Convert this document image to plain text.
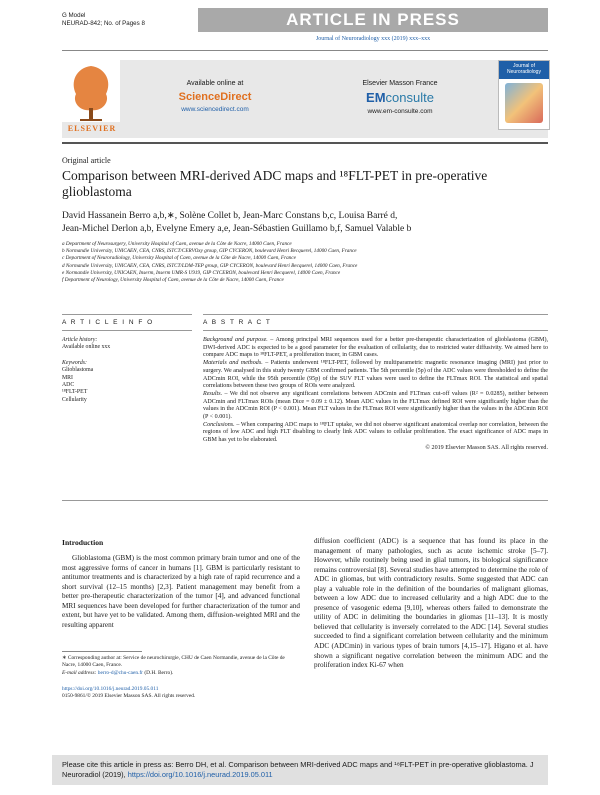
G Model
NEURAD-842; No. of Pages 8	ARTICLE IN PRESS
Journal of Neuroradiology xxx (2019) xxx–xxx
ELSEVIER
Available online at
ScienceDirect
www.sciencedirect.com
Elsevier Masson France
EMconsulte
www.em-consulte.com
Journal of Neuroradiology
Original article
Comparison between MRI-derived ADC maps and ¹⁸FLT-PET in pre-operative glioblastoma
David Hassanein Berro a,b,∗, Solène Collet b, Jean-Marc Constans b,c, Louisa Barré d,
Jean-Michel Derlon a,b, Evelyne Emery a,e, Jean-Sébastien Guillamo b,f, Samuel Valable b
a Department of Neurosurgery, University Hospital of Caen, avenue de la Côte de Nacre, 14000 Caen, France
b Normandie University, UNICAEN, CEA, CNRS, ISTCT/CERVOxy group, GIP CYCERON, boulevard Henri Becquerel, 14000 Caen, France
c Department of Neuroradiology, University Hospital of Caen, avenue de la Côte de Nacre, 14000 Caen, France
d Normandie University, UNICAEN, CEA, CNRS, ISTCT/LDM-TEP group, GIP CYCERON, boulevard Henri Becquerel, 14000 Caen, France
e Normandie University, UNICAEN, Inserm, Inserm UMR-S U919, GIP CYCERON, boulevard Henri Becquerel, 14000 Caen, France
f Department of Neurology, University Hospital of Caen, avenue de la Côte de Nacre, 14000 Caen, France
A R T I C L E I N F O
Article history:
Available online xxx
Keywords:
Glioblastoma
MRI
ADC
¹⁸FLT-PET
Cellularity
A B S T R A C T

Background and purpose. – Among principal MRI sequences used for a better pre-therapeutic characterization of glioblastoma (GBM), DWI-derived ADC is expected to be a good parameter for the evaluation of cellularity, due to restricted water diffusivity. We aimed here to compare ADC maps to ¹⁸FLT-PET, a proliferation tracer, in GBM cases.

Materials and methods. – Patients underwent ¹⁸FLT-PET, followed by multiparametric magnetic resonance imaging (MRI) just prior to surgery. We analysed in this study twenty GBM confirmed patients. The 5th percentile (5p) of the ADC values were thresholded to define the ADCmin ROI, while the 95th percentile (95p) of the SUV FLT values were used to define the FLTmax ROI. The statistical and spatial correlations between these two groups of ROIs were analyzed.

Results. – We did not observe any significant correlations between ADCmin and FLTmax cut-off values (R² = 0.0285), neither between ADCmin and FLTmax ROIs (mean Dice = 0.09 ± 0.12). Mean ADC values in the FLTmax defined ROI were significantly higher than the values in the ADCmin ROI (P < 0.001). Mean FLT values in the FLTmax ROI were significantly higher than the values in the ADCmin ROI (P < 0.001).

Conclusions. – When comparing ADC maps to ¹⁸FLT uptake, we did not observe significant anatomical overlap nor correlation, between the regions of low ADC and high FLT disabling to clearly link ADC values to cellular proliferation. The exact significance of ADC maps in GBM has yet to be elaborated.

© 2019 Elsevier Masson SAS. All rights reserved.

Introduction

Glioblastoma (GBM) is the most common primary brain tumor and one of the most aggressive forms of cancer in humans [1]. GBM is particularly resistant to antitumor treatments and is characterized by a high rate of rapid recurrence and a short survival (12–15 months) [2,3]. Patient management may benefit from a better pre-therapeutic characterization of the tumor [4], and advanced functional MRI sequences have been developed for further characterization of the tumor and extent, but have yet to be validated. Among them, diffusion-weighted MRI and the resulting apparent

diffusion coefficient (ADC) is a sequence that has found its place in the management of many pathologies, such as acute ischemic stroke [5–7]. However, while routinely being used in glial tumors, its biological significance remains controversial [8]. Several studies have attempted to determine the role of ADC in gliomas, but with contradictory results. Some suggested that ADC can play a valuable role in the definition of the boundaries of malignant gliomas, between a low ADC due to increased cellularity and a high ADC due to the presence of vasogenic edema [9,10], whereas others failed to demonstrate the utility of ADC in delimiting the boundaries in gliomas [11–13]. It is mostly believed that cellularity is inversely correlated to the ADC [14]. Several studies succeeded to find a significant correlation between cellularity and the minimum ADC (ADCmin) in various types of brain tumors [4,15–17]. Higano et al. have shown a significant negative correlation between the minimum ADC and the proliferation index Ki-67 when

∗ Corresponding author at: Service de neurochirurgie, CHU de Caen Normandie, avenue de la Côte de Nacre, 14000 Caen, France.
E-mail address: berro-d@chu-caen.fr (D.H. Berro).
https://doi.org/10.1016/j.neurad.2019.05.011
0150-9861/© 2019 Elsevier Masson SAS. All rights reserved.
Please cite this article in press as: Berro DH, et al. Comparison between MRI-derived ADC maps and ¹⁸FLT-PET in pre-operative glioblastoma. J Neuroradiol (2019), https://doi.org/10.1016/j.neurad.2019.05.011
